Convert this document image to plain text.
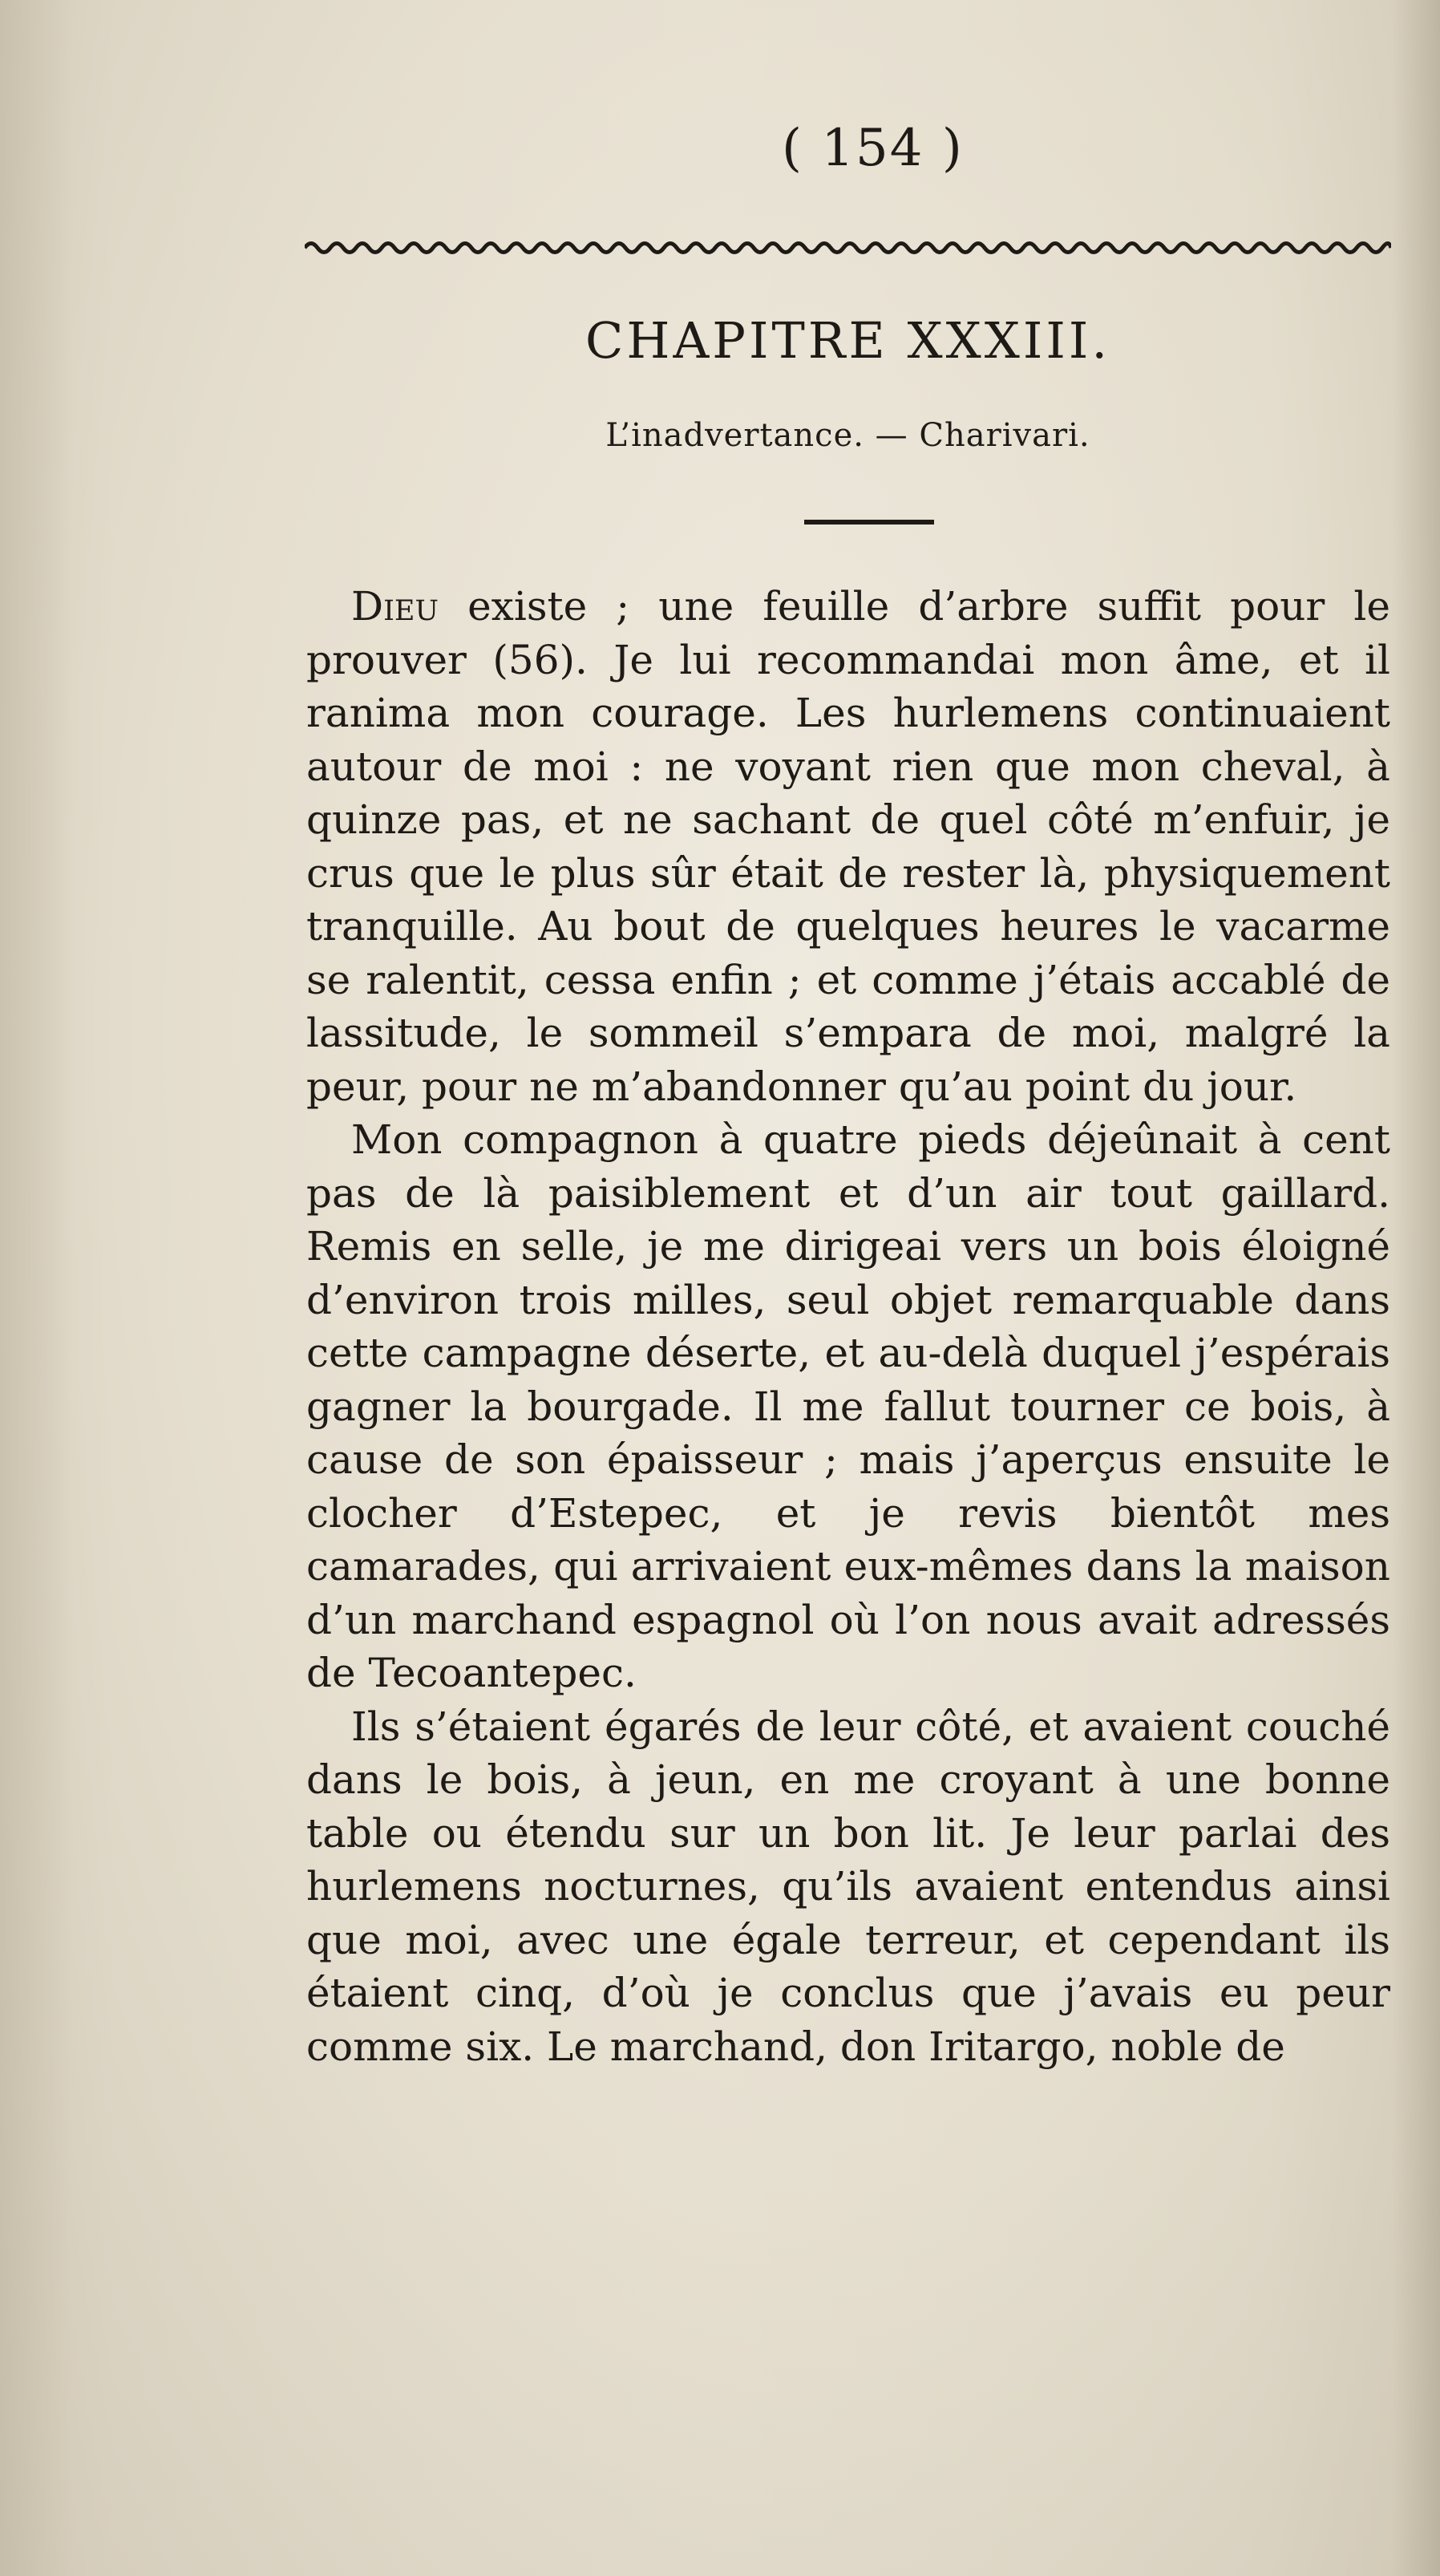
( 154 )
CHAPITRE XXXIII.
L’inadvertance. — Charivari.

Dieu existe ; une feuille d’arbre suffit pour le prouver (56). Je lui recommandai mon âme, et il ranima mon courage. Les hurlemens continuaient autour de moi : ne voyant rien que mon cheval, à quinze pas, et ne sachant de quel côté m’enfuir, je crus que le plus sûr était de rester là, physiquement tranquille. Au bout de quelques heures le vacarme se ralentit, cessa enfin ; et comme j’étais accablé de lassitude, le sommeil s’empara de moi, malgré la peur, pour ne m’abandonner qu’au point du jour.

Mon compagnon à quatre pieds déjeûnait à cent pas de là paisiblement et d’un air tout gaillard. Remis en selle, je me dirigeai vers un bois éloigné d’environ trois milles, seul objet remarquable dans cette campagne déserte, et au-delà duquel j’espérais gagner la bourgade. Il me fallut tourner ce bois, à cause de son épaisseur ; mais j’aperçus ensuite le clocher d’Estepec, et je revis bientôt mes camarades, qui arrivaient eux-mêmes dans la maison d’un marchand espagnol où l’on nous avait adressés de Tecoantepec.

Ils s’étaient égarés de leur côté, et avaient couché dans le bois, à jeun, en me croyant à une bonne table ou étendu sur un bon lit. Je leur parlai des hurlemens nocturnes, qu’ils avaient entendus ainsi que moi, avec une égale terreur, et cependant ils étaient cinq, d’où je conclus que j’avais eu peur comme six. Le marchand, don Iritargo, noble de
